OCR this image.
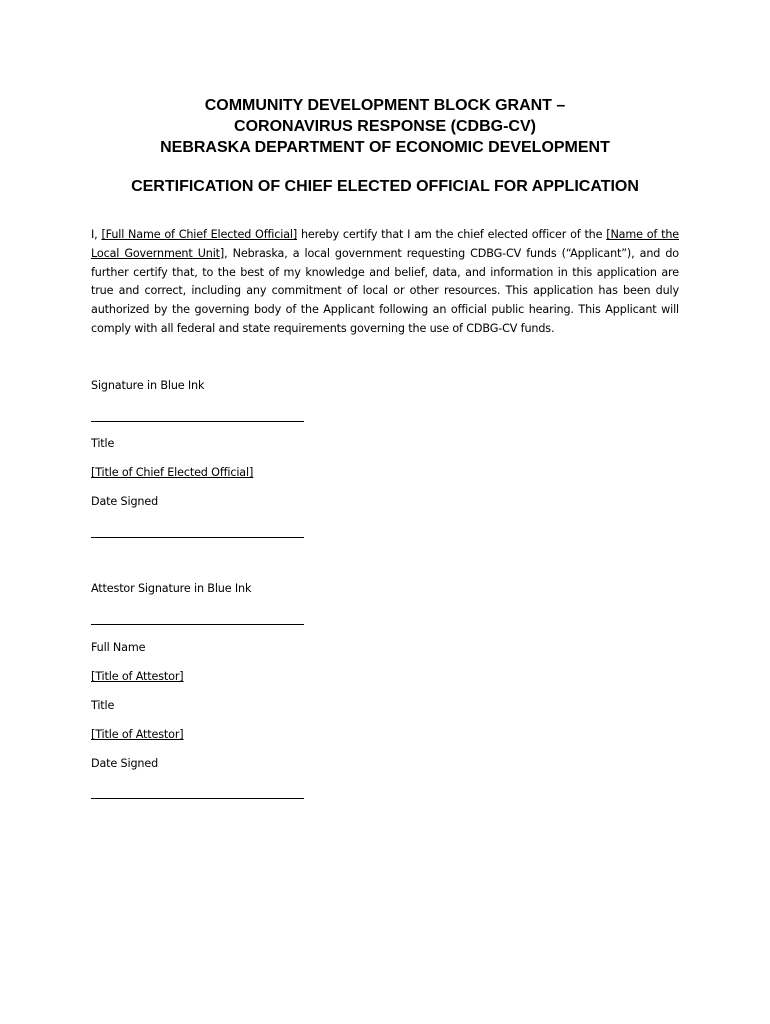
COMMUNITY DEVELOPMENT BLOCK GRANT –
CORONAVIRUS RESPONSE (CDBG-CV)
NEBRASKA DEPARTMENT OF ECONOMIC DEVELOPMENT
CERTIFICATION OF CHIEF ELECTED OFFICIAL FOR APPLICATION
I, [Full Name of Chief Elected Official] hereby certify that I am the chief elected officer of the [Name of the Local Government Unit], Nebraska, a local government requesting CDBG-CV funds (“Applicant”), and do further certify that, to the best of my knowledge and belief, data, and information in this application are true and correct, including any commitment of local or other resources. This application has been duly authorized by the governing body of the Applicant following an official public hearing. This Applicant will comply with all federal and state requirements governing the use of CDBG-CV funds.
Signature in Blue Ink
Title
[Title of Chief Elected Official]
Date Signed
Attestor Signature in Blue Ink
Full Name
[Title of Attestor]
Title
[Title of Attestor]
Date Signed
